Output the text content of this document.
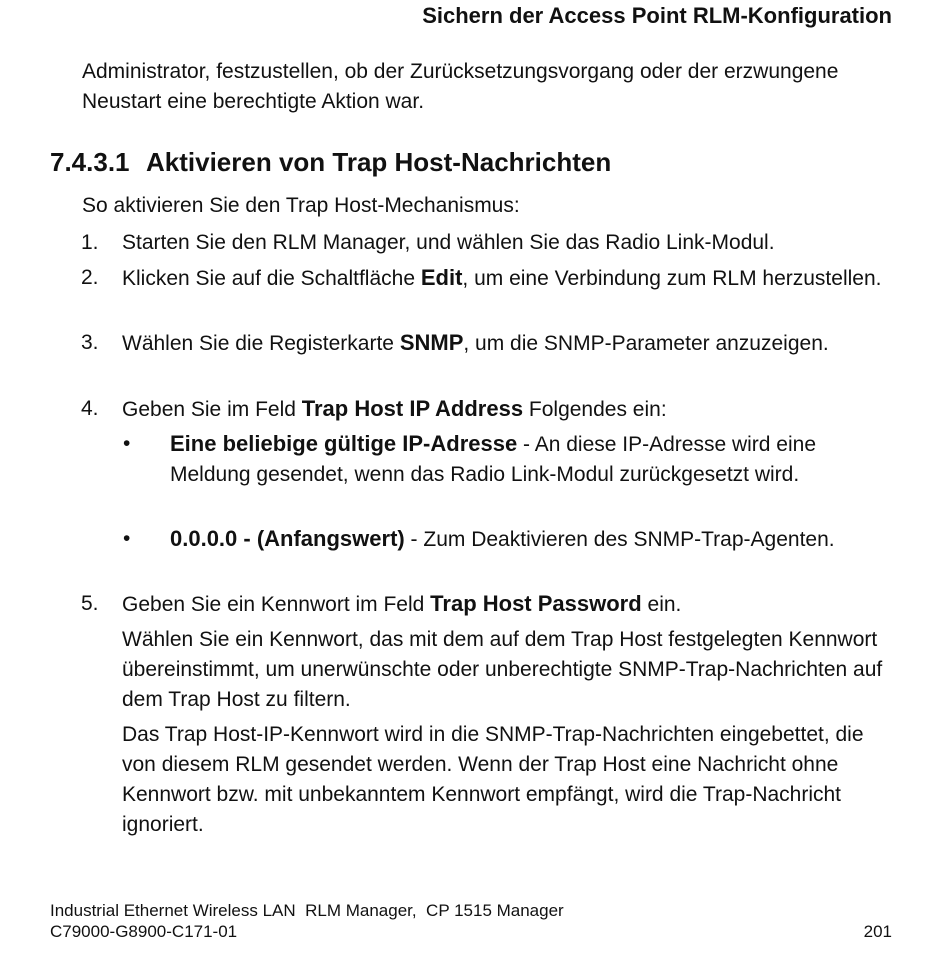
Sichern der Access Point RLM-Konfiguration

Administrator, festzustellen, ob der Zurücksetzungsvorgang oder der erzwungene Neustart eine berechtigte Aktion war.

7.4.3.1 Aktivieren von Trap Host-Nachrichten
So aktivieren Sie den Trap Host-Mechanismus:
1. Starten Sie den RLM Manager, und wählen Sie das Radio Link-Modul.
2. Klicken Sie auf die Schaltfläche Edit, um eine Verbindung zum RLM herzustellen.
3. Wählen Sie die Registerkarte SNMP, um die SNMP-Parameter anzuzeigen.
4. Geben Sie im Feld Trap Host IP Address Folgendes ein:
• Eine beliebige gültige IP-Adresse - An diese IP-Adresse wird eine Meldung gesendet, wenn das Radio Link-Modul zurückgesetzt wird.
• 0.0.0.0 - (Anfangswert) - Zum Deaktivieren des SNMP-Trap-Agenten.
5. Geben Sie ein Kennwort im Feld Trap Host Password ein.

Wählen Sie ein Kennwort, das mit dem auf dem Trap Host festgelegten Kennwort übereinstimmt, um unerwünschte oder unberechtigte SNMP-Trap-Nachrichten auf dem Trap Host zu filtern.

Das Trap Host-IP-Kennwort wird in die SNMP-Trap-Nachrichten eingebettet, die von diesem RLM gesendet werden. Wenn der Trap Host eine Nachricht ohne Kennwort bzw. mit unbekanntem Kennwort empfängt, wird die Trap-Nachricht ignoriert.

Industrial Ethernet Wireless LAN  RLM Manager,  CP 1515 Manager
C79000-G8900-C171-01	201
